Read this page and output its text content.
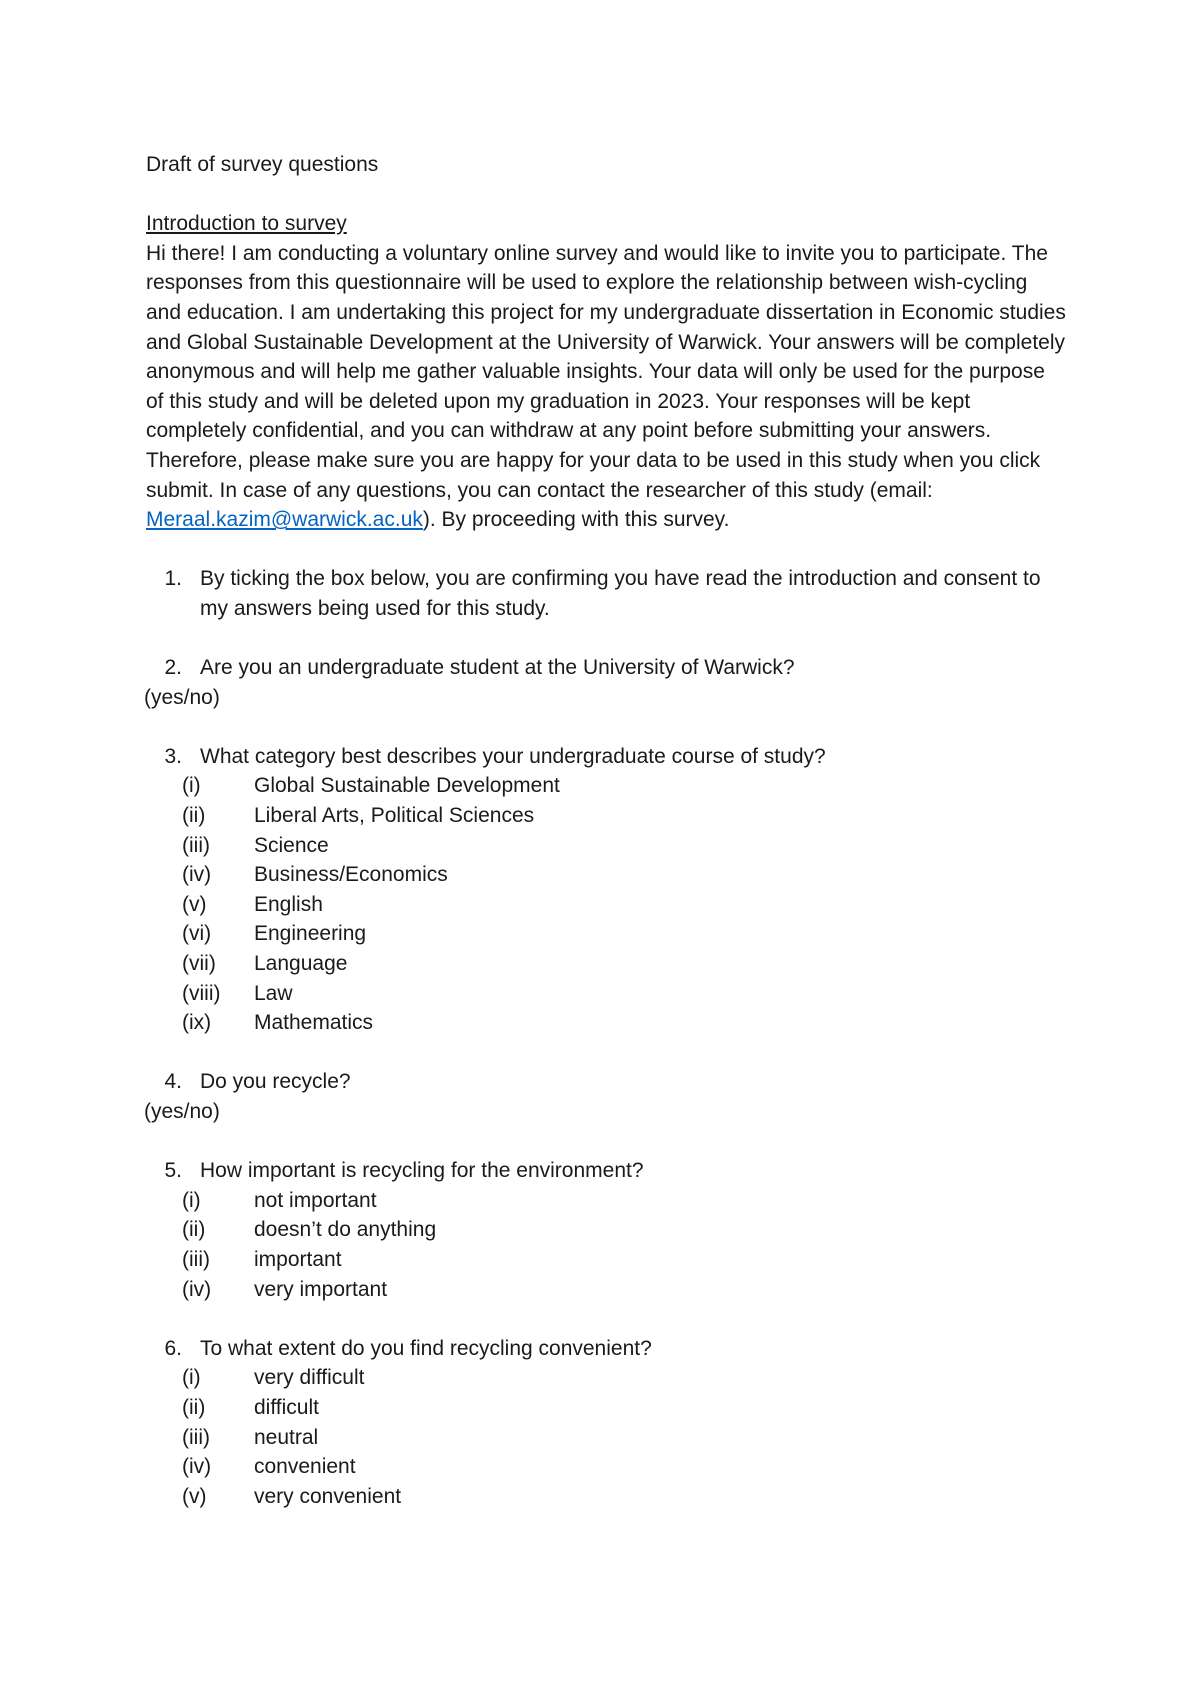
Draft of survey questions

Introduction to survey

Hi there! I am conducting a voluntary online survey and would like to invite you to participate. The responses from this questionnaire will be used to explore the relationship between wish-cycling and education. I am undertaking this project for my undergraduate dissertation in Economic studies and Global Sustainable Development at the University of Warwick. Your answers will be completely anonymous and will help me gather valuable insights. Your data will only be used for the purpose of this study and will be deleted upon my graduation in 2023. Your responses will be kept completely confidential, and you can withdraw at any point before submitting your answers. Therefore, please make sure you are happy for your data to be used in this study when you click submit. In case of any questions, you can contact the researcher of this study (email: Meraal.kazim@warwick.ac.uk). By proceeding with this survey.

1. By ticking the box below, you are confirming you have read the introduction and consent to my answers being used for this study.
2. Are you an undergraduate student at the University of Warwick?

(yes/no)

3. What category best describes your undergraduate course of study?
(i)	Global Sustainable Development
(ii)	Liberal Arts, Political Sciences
(iii)	Science
(iv)	Business/Economics
(v)	English
(vi)	Engineering
(vii)	Language
(viii)	Law
(ix)	Mathematics
4. Do you recycle?

(yes/no)

5. How important is recycling for the environment?
(i)	not important
(ii)	doesn’t do anything
(iii)	important
(iv)	very important
6. To what extent do you find recycling convenient?
(i)	very difficult
(ii)	difficult
(iii)	neutral
(iv)	convenient
(v)	very convenient
